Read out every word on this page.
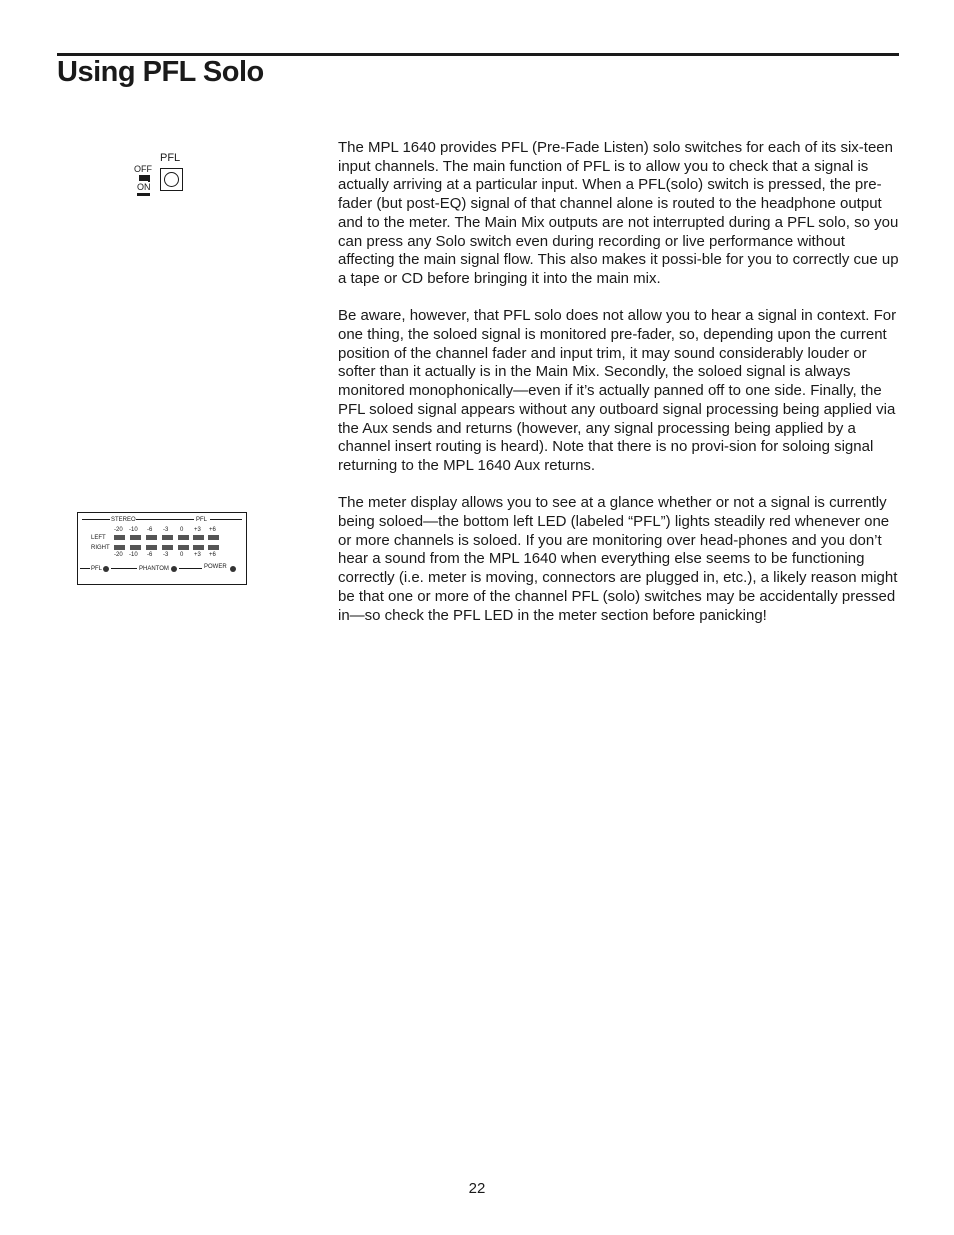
Using PFL Solo
OFF
ON
PFL
STEREO	PFL
-20 -10 -6 -3 0 +3 +6
LEFT
RIGHT
-20 -10 -6 -3 0 +3 +6
PFL	PHANTOM	POWER

The MPL 1640 provides PFL (Pre-Fade Listen) solo switches for each of its six-teen input channels. The main function of PFL is to allow you to check that a signal is actually arriving at a particular input. When a PFL(solo) switch is pressed, the pre-fader (but post-EQ) signal of that channel alone is routed to the headphone output and to the meter. The Main Mix outputs are not interrupted during a PFL solo, so you can press any Solo switch even during recording or live performance without affecting the main signal flow. This also makes it possi-ble for you to correctly cue up a tape or CD before bringing it into the main mix.

Be aware, however, that PFL solo does not allow you to hear a signal in context. For one thing, the soloed signal is monitored pre-fader, so, depending upon the current position of the channel fader and input trim, it may sound considerably louder or softer than it actually is in the Main Mix. Secondly, the soloed signal is always monitored monophonically—even if it’s actually panned off to one side. Finally, the PFL soloed signal appears without any outboard signal processing being applied via the Aux sends and returns (however, any signal processing being applied by a channel insert routing is heard). Note that there is no provi-sion for soloing signal returning to the MPL 1640 Aux returns.

The meter display allows you to see at a glance whether or not a signal is currently being soloed—the bottom left LED (labeled “PFL”) lights steadily red whenever one or more channels is soloed. If you are monitoring over head-phones and you don’t hear a sound from the MPL 1640 when everything else seems to be functioning correctly (i.e. meter is moving, connectors are plugged in, etc.), a likely reason might be that one or more of the channel PFL (solo) switches may be accidentally pressed in—so check the PFL LED in the meter section before panicking!

22
